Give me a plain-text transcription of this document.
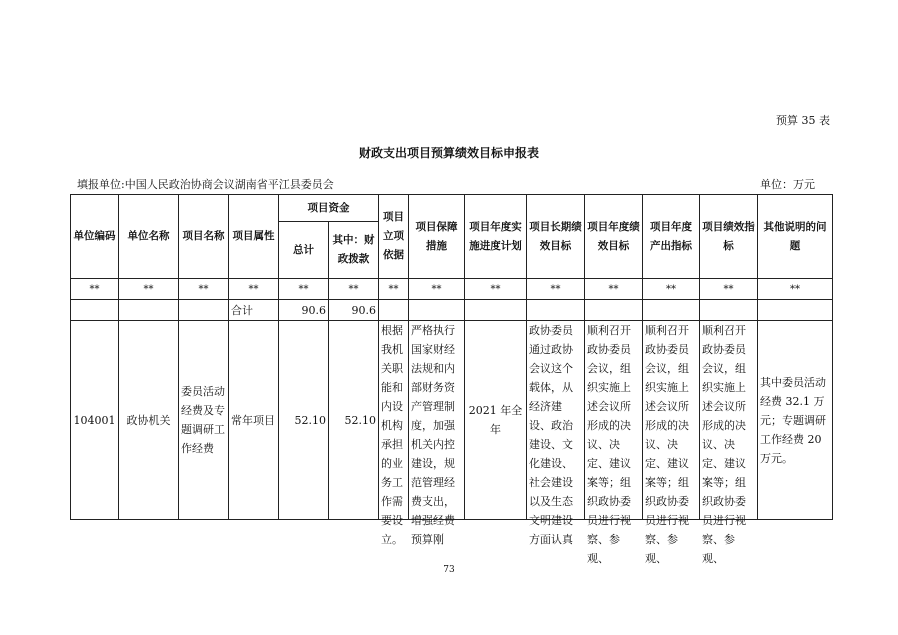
预算 35 表
财政支出项目预算绩效目标申报表
填报单位:中国人民政治协商会议湖南省平江县委员会	单位：万元
单位编码	单位名称	项目名称	项目属性	项目资金		项目立项依据	项目保障措施	项目年度实施进度计划	项目长期绩效目标	项目年度绩效目标	项目年度产出指标	项目绩效指标	其他说明的问题
				总计	其中：财政拨款								
**	**	**	**	**	**	**	**	**	**	**	**	**	**
			合计	90.6	90.6								
104001	政协机关	委员活动经费及专题调研工作经费	常年项目	52.10	52.10	根据我机关职能和内设机构承担的业务工作需要设立。	严格执行国家财经法规和内部财务资产管理制度，加强机关内控建设，规范管理经费支出，增强经费预算刚	2021 年全年	政协委员通过政协会议这个载体，从经济建设、政治建设、文化建设、社会建设以及生态文明建设方面认真	顺利召开政协委员会议，组织实施上述会议所形成的决议、决定、建议案等；组织政协委员进行视察、参观、	顺利召开政协委员会议，组织实施上述会议所形成的决议、决定、建议案等；组织政协委员进行视察、参观、	顺利召开政协委员会议，组织实施上述会议所形成的决议、决定、建议案等；组织政协委员进行视察、参观、	其中委员活动经费 32.1 万元；专题调研工作经费 20 万元。
73
